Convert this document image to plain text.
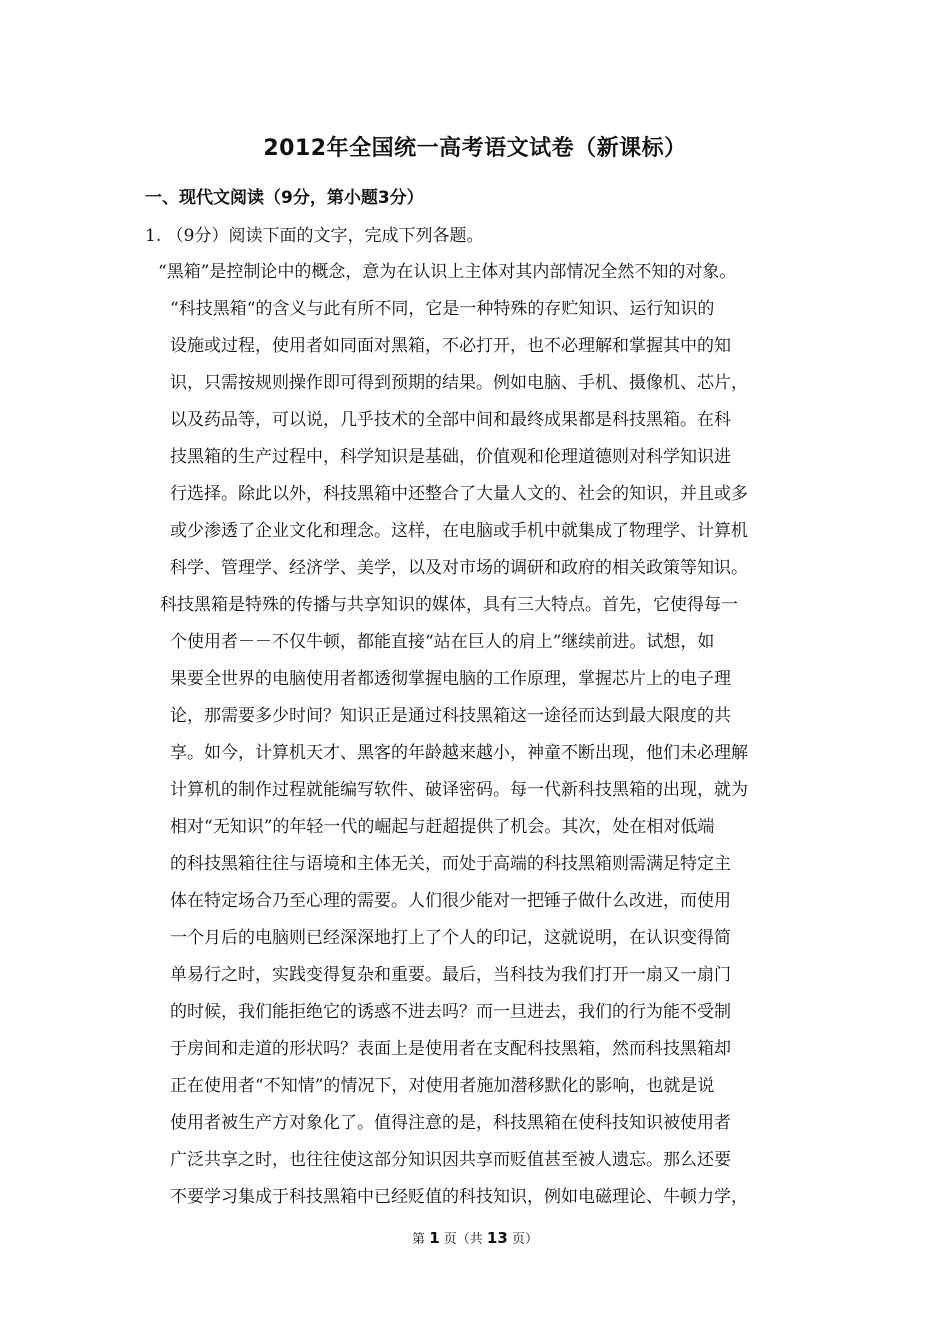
2012年全国统一高考语文试卷（新课标）
一、现代文阅读（9分，第小题3分）
1. （9分）阅读下面的文字，完成下列各题。
“黑箱”是控制论中的概念，意为在认识上主体对其内部情况全然不知的对象。
“科技黑箱“的含义与此有所不同，它是一种特殊的存贮知识、运行知识的
设施或过程，使用者如同面对黑箱，不必打开，也不必理解和掌握其中的知
识，只需按规则操作即可得到预期的结果。例如电脑、手机、摄像机、芯片，
以及药品等，可以说，几乎技术的全部中间和最终成果都是科技黑箱。在科
技黑箱的生产过程中，科学知识是基础，价值观和伦理道德则对科学知识进
行选择。除此以外，科技黑箱中还整合了大量人文的、社会的知识，并且或多
或少渗透了企业文化和理念。这样，在电脑或手机中就集成了物理学、计算机
科学、管理学、经济学、美学，以及对市场的调研和政府的相关政策等知识。
科技黑箱是特殊的传播与共享知识的媒体，具有三大特点。首先，它使得每一
个使用者－－不仅牛顿，都能直接“站在巨人的肩上”继续前进。试想，如
果要全世界的电脑使用者都透彻掌握电脑的工作原理，掌握芯片上的电子理
论，那需要多少时间？知识正是通过科技黑箱这一途径而达到最大限度的共
享。如今，计算机天才、黑客的年龄越来越小，神童不断出现，他们未必理解
计算机的制作过程就能编写软件、破译密码。每一代新科技黑箱的出现，就为
相对“无知识”的年轻一代的崛起与赶超提供了机会。其次，处在相对低端
的科技黑箱往往与语境和主体无关，而处于高端的科技黑箱则需满足特定主
体在特定场合乃至心理的需要。人们很少能对一把锤子做什么改进，而使用
一个月后的电脑则已经深深地打上了个人的印记，这就说明，在认识变得简
单易行之时，实践变得复杂和重要。最后，当科技为我们打开一扇又一扇门
的时候，我们能拒绝它的诱惑不进去吗？而一旦进去，我们的行为能不受制
于房间和走道的形状吗？表面上是使用者在支配科技黑箱，然而科技黑箱却
正在使用者“不知情”的情况下，对使用者施加潜移默化的影响，也就是说
使用者被生产方对象化了。值得注意的是，科技黑箱在使科技知识被使用者
广泛共享之时，也往往使这部分知识因共享而贬值甚至被人遗忘。那么还要
不要学习集成于科技黑箱中已经贬值的科技知识，例如电磁理论、牛顿力学，
第 1 页（共 13 页）
